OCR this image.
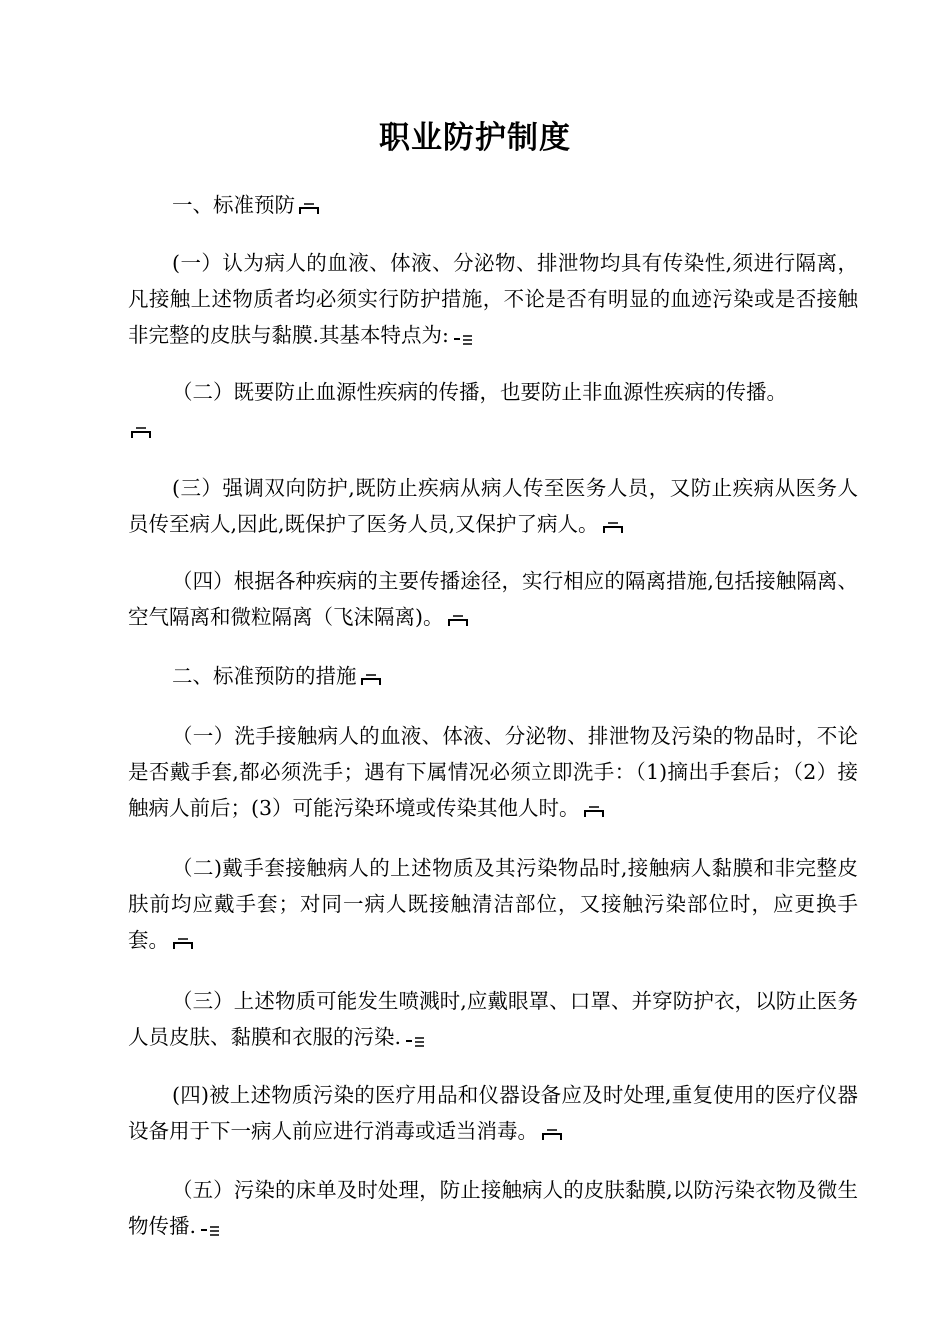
职业防护制度
一、标准预防
(一）认为病人的血液、体液、分泌物、排泄物均具有传染性,须进行隔离，凡接触上述物质者均必须实行防护措施，不论是否有明显的血迹污染或是否接触非完整的皮肤与黏膜.其基本特点为:
（二）既要防止血源性疾病的传播，也要防止非血源性疾病的传播。
(三）强调双向防护,既防止疾病从病人传至医务人员，又防止疾病从医务人员传至病人,因此,既保护了医务人员,又保护了病人。
（四）根据各种疾病的主要传播途径，实行相应的隔离措施,包括接触隔离、空气隔离和微粒隔离（飞沫隔离)。
二、标准预防的措施
（一）洗手接触病人的血液、体液、分泌物、排泄物及污染的物品时，不论是否戴手套,都必须洗手；遇有下属情况必须立即洗手：（1)摘出手套后；（2）接触病人前后；(3）可能污染环境或传染其他人时。
（二)戴手套接触病人的上述物质及其污染物品时,接触病人黏膜和非完整皮肤前均应戴手套；对同一病人既接触清洁部位，又接触污染部位时，应更换手套。
（三）上述物质可能发生喷溅时,应戴眼罩、口罩、并穿防护衣，以防止医务人员皮肤、黏膜和衣服的污染.
(四)被上述物质污染的医疗用品和仪器设备应及时处理,重复使用的医疗仪器设备用于下一病人前应进行消毒或适当消毒。
（五）污染的床单及时处理，防止接触病人的皮肤黏膜,以防污染衣物及微生物传播.
